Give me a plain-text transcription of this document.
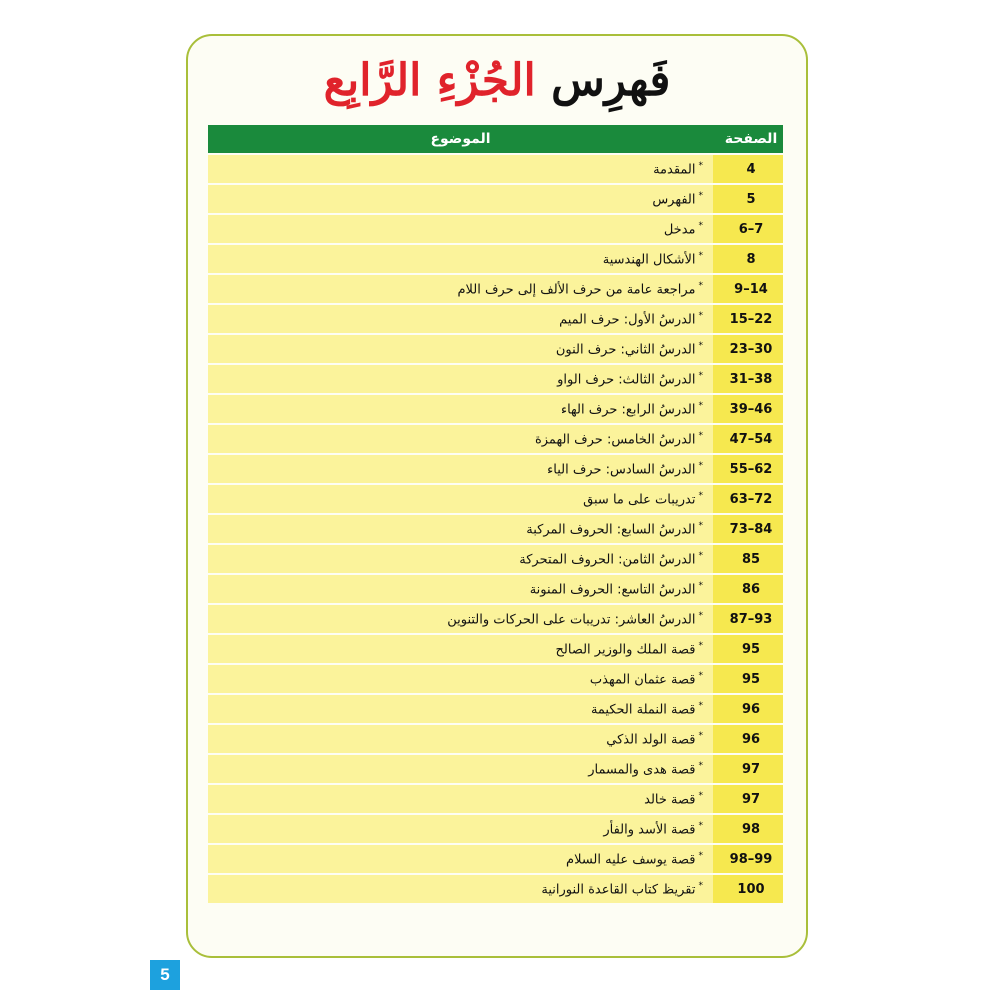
فَهرِس الجُزْءِ الرَّابِع
الصفحة	الموضوع
4	*المقدمة
5	*الفهرس
6–7	*مدخل
8	*الأشكال الهندسية
9–14	*مراجعة عامة من حرف الألف إلى حرف اللام
15–22	*الدرسُ الأول: حرف الميم
23–30	*الدرسُ الثاني: حرف النون
31–38	*الدرسُ الثالث: حرف الواو
39–46	*الدرسُ الرابع: حرف الهاء
47–54	*الدرسُ الخامس: حرف الهمزة
55–62	*الدرسُ السادس: حرف الياء
63–72	*تدريبات على ما سبق
73–84	*الدرسُ السابع: الحروف المركبة
85	*الدرسُ الثامن: الحروف المتحركة
86	*الدرسُ التاسع: الحروف المنونة
87–93	*الدرسُ العاشر: تدريبات على الحركات والتنوين
95	*قصة الملك والوزير الصالح
95	*قصة عثمان المهذب
96	*قصة النملة الحكيمة
96	*قصة الولد الذكي
97	*قصة هدى والمسمار
97	*قصة خالد
98	*قصة الأسد والفأر
98–99	*قصة يوسف عليه السلام
100	*تقريظ كتاب القاعدة النورانية
5
